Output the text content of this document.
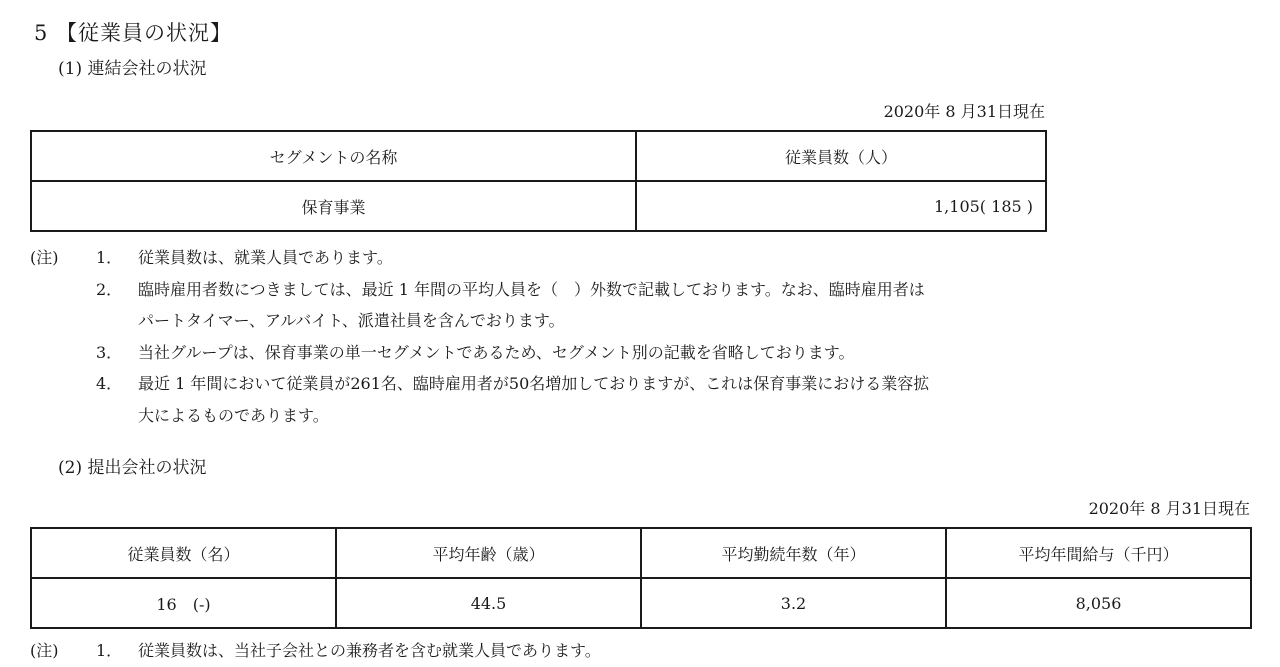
5 【従業員の状況】
(1) 連結会社の状況
2020年 8 月31日現在
セグメントの名称	従業員数（人）
保育事業	1,105( 185 )
(注)	1． 従業員数は、就業人員であります。
2． 臨時雇用者数につきましては、最近 1 年間の平均人員を（　）外数で記載しております。なお、臨時雇用者は
パートタイマー、アルバイト、派遣社員を含んでおります。
3． 当社グループは、保育事業の単一セグメントであるため、セグメント別の記載を省略しております。
4． 最近 1 年間において従業員が261名、臨時雇用者が50名増加しておりますが、これは保育事業における業容拡
大によるものであります。
(2) 提出会社の状況
2020年 8 月31日現在
従業員数（名）	平均年齢（歳）	平均勤続年数（年）	平均年間給与（千円）
16　(-)	44.5	3.2	8,056
(注)	1． 従業員数は、当社子会社との兼務者を含む就業人員であります。
